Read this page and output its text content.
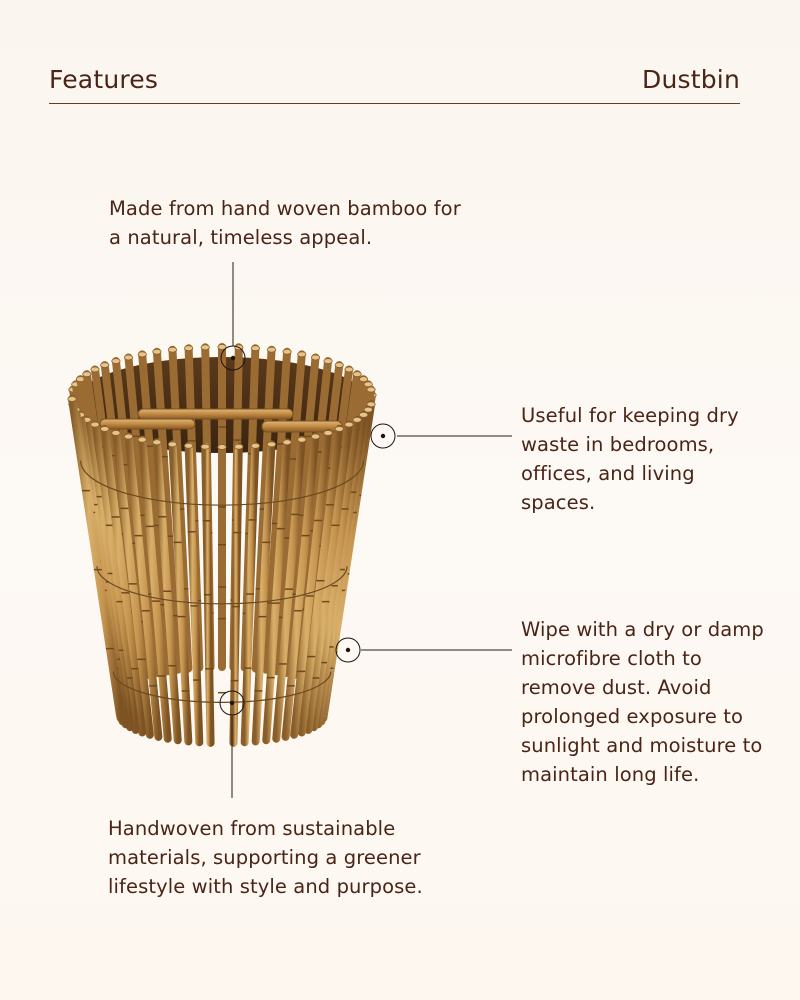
Features	Dustbin

Made from hand woven bamboo for a natural, timeless appeal.

Useful for keeping dry waste in bedrooms, offices, and living spaces.

Wipe with a dry or damp microfibre cloth to remove dust. Avoid prolonged exposure to sunlight and moisture to maintain long life.

Handwoven from sustainable materials, supporting a greener lifestyle with style and purpose.
